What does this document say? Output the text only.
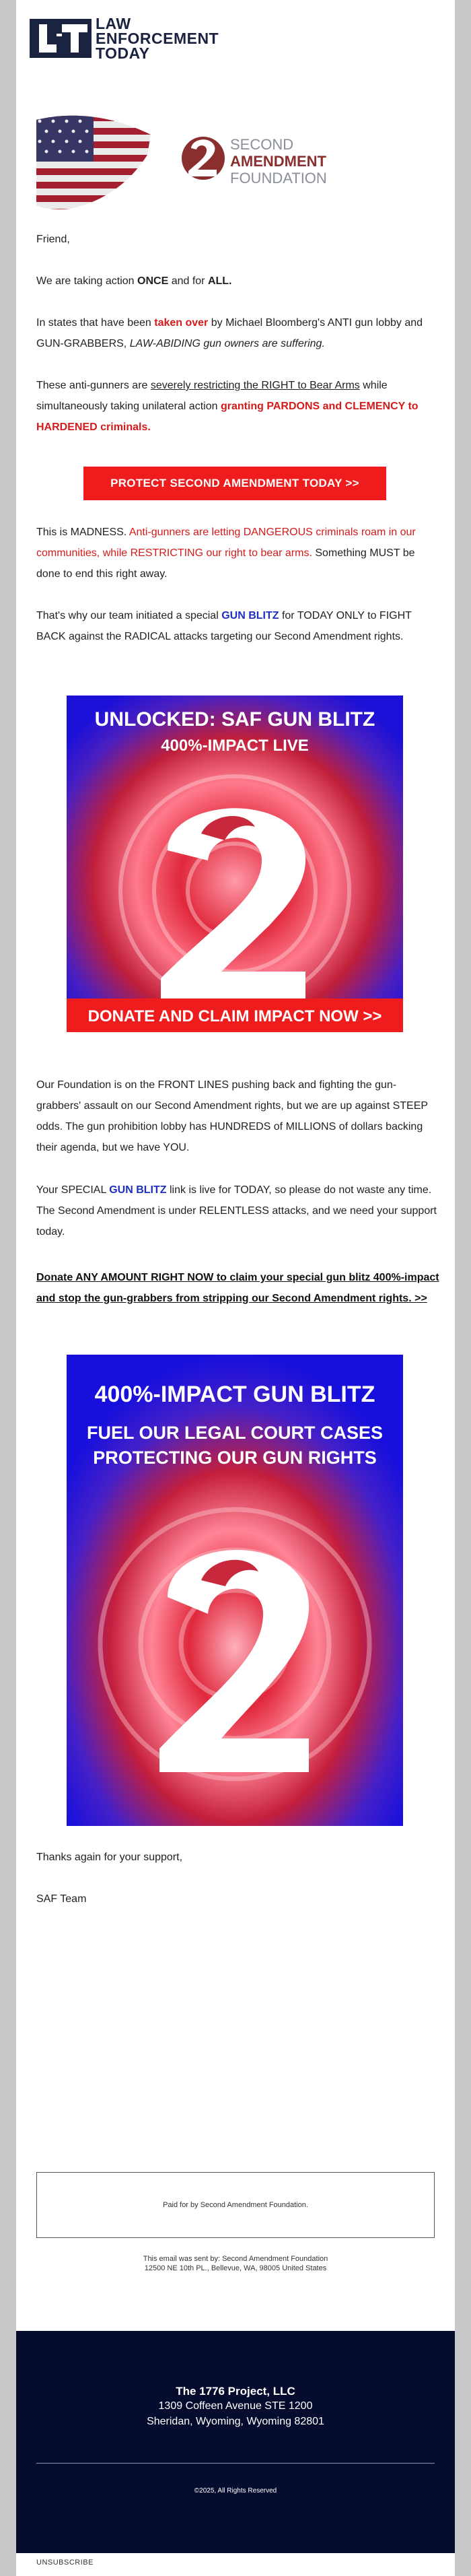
LAW
ENFORCEMENT
TODAY
SECOND
AMENDMENT
FOUNDATION
Friend,
We are taking action ONCE and for ALL.
In states that have been taken over by Michael Bloomberg's ANTI gun lobby and GUN-GRABBERS, LAW-ABIDING gun owners are suffering.
These anti-gunners are severely restricting the RIGHT to Bear Arms while simultaneously taking unilateral action granting PARDONS and CLEMENCY to HARDENED criminals.
PROTECT SECOND AMENDMENT TODAY >>
This is MADNESS. Anti-gunners are letting DANGEROUS criminals roam in our communities, while RESTRICTING our right to bear arms. Something MUST be done to end this right away.
That's why our team initiated a special GUN BLITZ for TODAY ONLY to FIGHT BACK against the RADICAL attacks targeting our Second Amendment rights.
UNLOCKED: SAF GUN BLITZ
400%-IMPACT LIVE
DONATE AND CLAIM IMPACT NOW >>
Our Foundation is on the FRONT LINES pushing back and fighting the gun-grabbers' assault on our Second Amendment rights, but we are up against STEEP odds. The gun prohibition lobby has HUNDREDS of MILLIONS of dollars backing their agenda, but we have YOU.
Your SPECIAL GUN BLITZ link is live for TODAY, so please do not waste any time. The Second Amendment is under RELENTLESS attacks, and we need your support today.
Donate ANY AMOUNT RIGHT NOW to claim your special gun blitz 400%-impact and stop the gun-grabbers from stripping our Second Amendment rights. >>
400%-IMPACT GUN BLITZ
FUEL OUR LEGAL COURT CASES
PROTECTING OUR GUN RIGHTS
Thanks again for your support,
SAF Team
Paid for by Second Amendment Foundation.
This email was sent by: Second Amendment Foundation
12500 NE 10th PL., Bellevue, WA, 98005 United States
The 1776 Project, LLC
1309 Coffeen Avenue STE 1200
Sheridan, Wyoming, Wyoming 82801
©2025, All Rights Reserved
UNSUBSCRIBE
